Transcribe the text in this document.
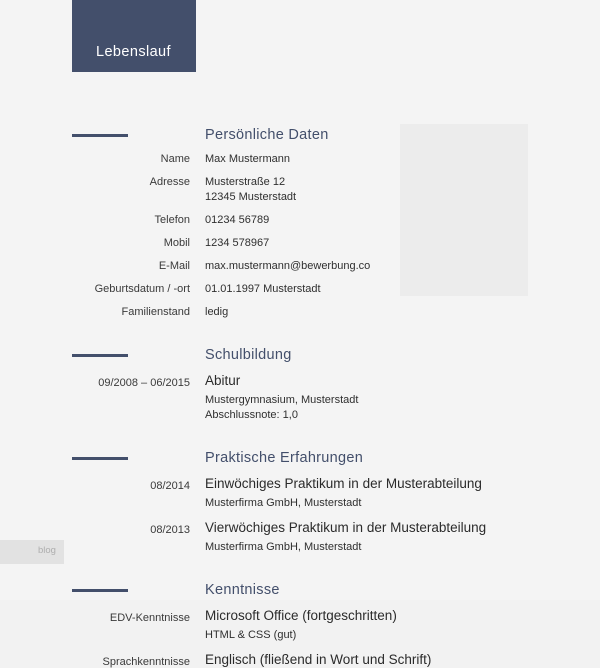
Lebenslauf
Persönliche Daten
Name Max Mustermann
Adresse Musterstraße 12
12345 Musterstadt
Telefon 01234 56789
Mobil 1234 578967
E-Mail max.mustermann@bewerbung.co
Geburtsdatum / -ort 01.01.1997 Musterstadt
Familienstand ledig
Schulbildung
09/2008 – 06/2015 Abitur
Mustergymnasium, Musterstadt
Abschlussnote: 1,0
Praktische Erfahrungen
08/2014 Einwöchiges Praktikum in der Musterabteilung
Musterfirma GmbH, Musterstadt
08/2013 Vierwöchiges Praktikum in der Musterabteilung
Musterfirma GmbH, Musterstadt
Kenntnisse
EDV-Kenntnisse Microsoft Office (fortgeschritten)
HTML & CSS (gut)
Sprachkenntnisse Englisch (fließend in Wort und Schrift)
blog
